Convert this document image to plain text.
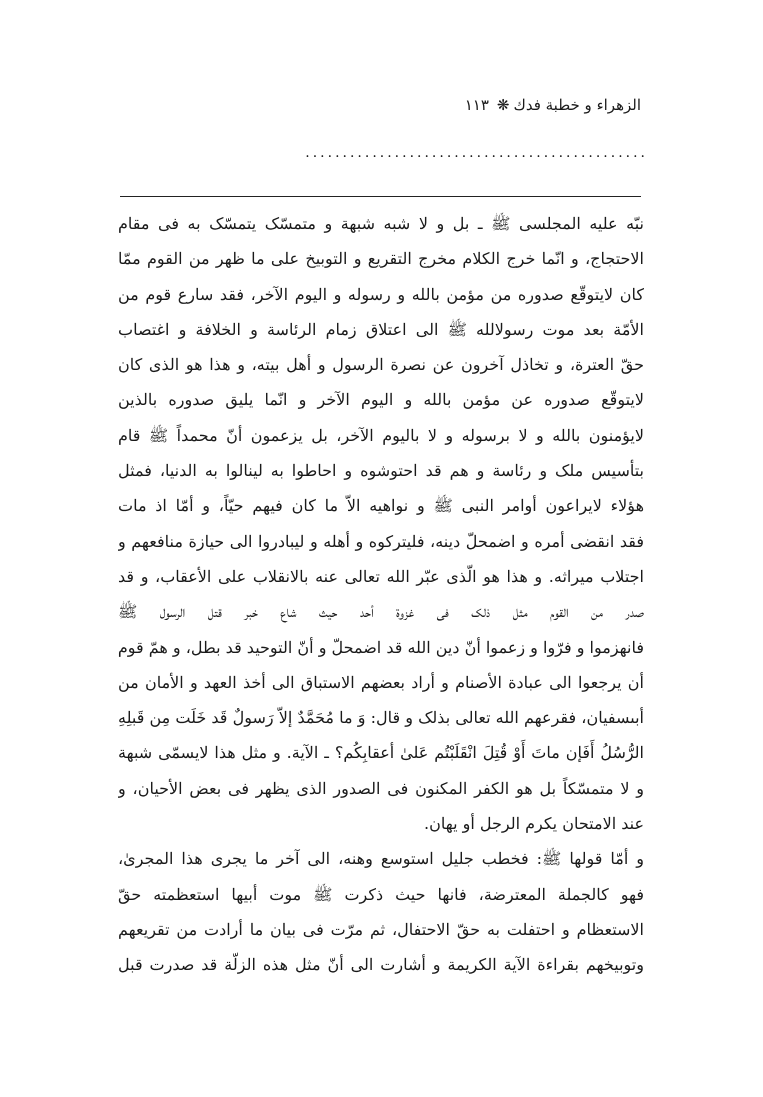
الزهراء و خطبة فدك❋١١٣
··············································
نبّه عليه المجلسى ﷺ ـ بل و لا شبه شبهة و متمسّک يتمسّک به فى مقام
الاحتجاج، و انّما خرج الكلام مخرج التقريع و التوبيخ على ما ظهر من القوم ممّا
كان لايتوقّع صدوره من مؤمن بالله و رسوله و اليوم الآخر، فقد سارع قوم من
الأمّة بعد موت رسولالله ﷺ الى اعتلاق زمام الرئاسة و الخلافة و اغتصاب
حقّ العترة، و تخاذل آخرون عن نصرة الرسول و أهل بيته، و هذا هو الذى كان
لايتوقّع صدوره عن مؤمن بالله و اليوم الآخر و انّما يليق صدوره بالذين
لايؤمنون بالله و لا برسوله و لا باليوم الآخر، بل يزعمون أنّ محمداً ﷺ قام
بتأسيس ملک و رئاسة و هم قد احتوشوه و احاطوا به لينالوا به الدنيا، فمثل
هؤلاء لايراعون أوامر النبى ﷺ و نواهيه الاّ ما كان فيهم حيّاً، و أمّا اذ مات
فقد انقضى أمره و اضمحلّ دينه، فليتركوه و أهله و ليبادروا الى حيازة منافعهم و
اجتلاب ميراثه. و هذا هو الّذى عبّر الله تعالى عنه بالانقلاب على الأعقاب، و قد
صدر من القوم مثل ذلک فى غزوة أحد حيث شاع خبر قتل الرسول ﷺ
فانهزموا و فرّوا و زعموا أنّ دين الله قد اضمحلّ و أنّ التوحيد قد بطل، و همّ قوم
أن يرجعوا الى عبادة الأصنام و أراد بعضهم الاستباق الى أخذ العهد و الأمان من
أبىسفيان، فقرعهم الله تعالى بذلک و قال: وَ ما مُحَمَّدٌ إلاّ رَسولٌ قَد خَلَت مِن قَبلِهِ
الرُّسُلُ أَفَإن ماتَ أَوْ قُتِلَ انْقَلَبْتُم عَلىٰ أعقابِكُم؟ ـ الآية. و مثل هذا لايسمّى شبهة
و لا متمسّكاً بل هو الكفر المكنون فى الصدور الذى يظهر فى بعض الأحيان، و
عند الامتحان يكرم الرجل أو يهان.
و أمّا قولها ﷺ: فخطب جليل استوسع وهنه، الى آخر ما يجرى هذا المجرىٰ،
فهو كالجملة المعترضة، فانها حيث ذكرت ﷺ موت أبيها استعظمته حقّ
الاستعظام و احتفلت به حقّ الاحتفال، ثم مرّت فى بيان ما أرادت من تقريعهم
وتوبيخهم بقراءة الآية الكريمة و أشارت الى أنّ مثل هذه الزلّة قد صدرت قبل
